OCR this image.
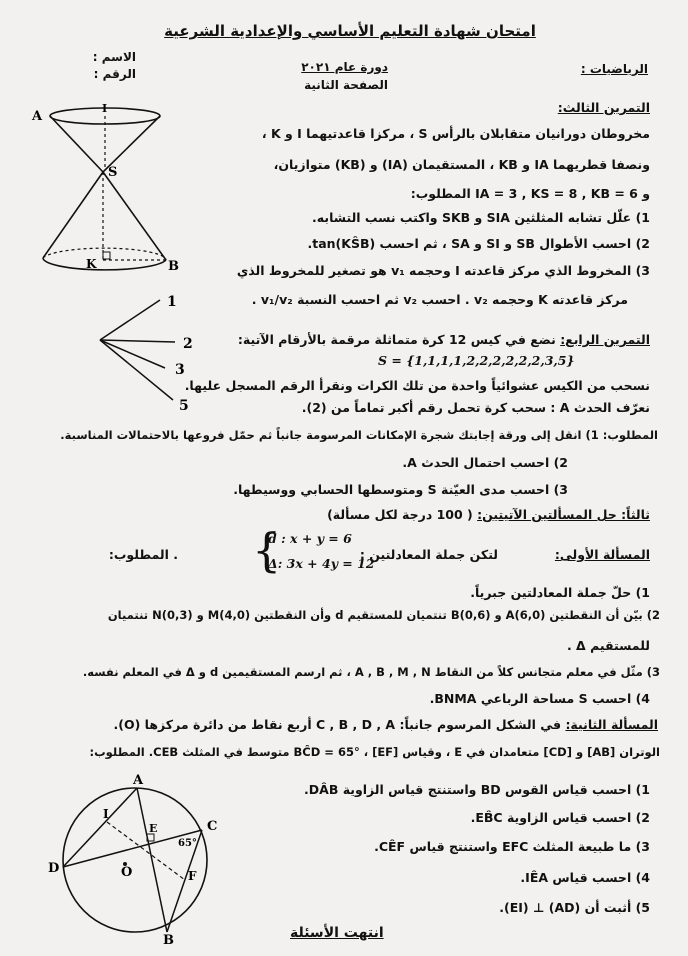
امتحان شهادة التعليم الأساسي والإعدادية الشرعية
الاسم :
الرقم :	الرياضيات :
دورة عام ٢٠٢١
الصفحة الثانية
التمرين الثالث:
مخروطان دورانيان متقابلان بالرأس S ، مركزا قاعدتيهما I و K ،
ونصفا قطريهما IA و KB ، المستقيمان (IA) و (KB) متوازيان،
و IA = 3 , KS = 8 , KB = 6 المطلوب:
1) علّل تشابه المثلثين SIA و SKB واكتب نسب التشابه.
2) احسب الأطوال SB و SI و SA ، ثم احسب tan(KŜB).
3) المخروط الذي مركز قاعدته I وحجمه v₁ هو تصغير للمخروط الذي
مركز قاعدته K وحجمه v₂ . احسب v₂ ثم احسب النسبة v₁/v₂ .
التمرين الرابع: نضع في كيس 12 كرة متماثلة مرقمة بالأرقام الآتية:
S = {1,1,1,1,2,2,2,2,2,2,3,5}
نسحب من الكيس عشوائياً واحدة من تلك الكرات ونقرأ الرقم المسجل عليها.
نعرّف الحدث A : سحب كرة تحمل رقم أكبر تماماً من (2).
المطلوب: 1) انقل إلى ورقة إجابتك شجرة الإمكانات المرسومة جانباً ثم حمّل فروعها بالاحتمالات المناسبة.
2) احسب احتمال الحدث A.
3) احسب مدى العيّنة S ومتوسطها الحسابي ووسيطها.
ثالثاً: حل المسألتين الآتيتين: ( 100 درجة لكل مسألة)
المسألة الأولى:
لتكن جملة المعادلتين :
{
d : x + y = 6
Δ: 3x + 4y = 12
. المطلوب:
1) حلّ جملة المعادلتين جبرياً.
2) بيّن أن النقطتين A(6,0) و B(0,6) تنتميان للمستقيم d وأن النقطتين M(4,0) و N(0,3) تنتميان
للمستقيم Δ .
3) مثّل في معلم متجانس كلاً من النقاط A , B , M , N ، ثم ارسم المستقيمين d و Δ في المعلم نفسه.
4) احسب S مساحة الرباعي BNMA.
المسألة الثانية: في الشكل المرسوم جانباً: C , B , D , A أربع نقاط من دائرة مركزها (O).
الوتران [AB] و [CD] متعامدان في E ، وقياس BĈD = 65° ، [EF] متوسط في المثلث CEB. المطلوب:
1) احسب قياس القوس BD واستنتج قياس الزاوية DÂB.
2) احسب قياس الزاوية EB̂C.
3) ما طبيعة المثلث EFC واستنتج قياس CÊF.
4) احسب قياس IÊA.
5) أثبت أن (AD) ⊥ (EI).
انتهت الأسئلة
A
I
S
K	B
1
2
3
5
A
C
D
E
O	F
B
I
65°
